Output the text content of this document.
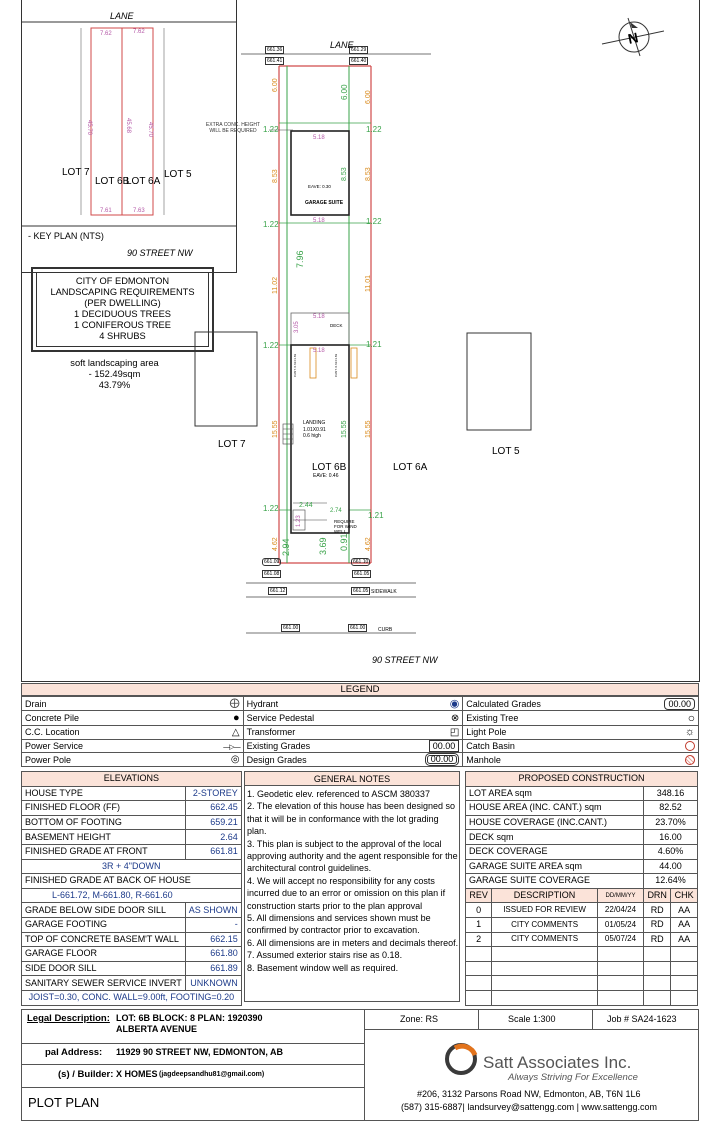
LANE
7.62	7.62
45.70	45.68	45.70
LOT 7
LOT 6B
LOT 6A
LOT 5
7.61	7.63
- KEY PLAN (NTS)
90 STREET NW
N
CITY OF EDMONTON
LANDSCAPING REQUIREMENTS
(PER DWELLING)
1 DECIDUOUS TREES
1 CONIFEROUS TREE
4 SHRUBS
soft landscaping area
- 152.49sqm
43.79%
LANE
90 STREET NW
SIDEWALK
CURB
661.36	661.29
661.41	661.40
661.09	661.10
661.08	661.05
661.12	661.05
661.00	661.00
6.00	6.00 6.00
1.22	1.22
8.53	8.53 8.53
1.22	1.22
11.02	11.01
7.96
1.22	1.21
15.55	15.55 15.55
1.22
1.21
4.62	4.62
3.69
2.94
2.44
2.74
0.91
5.18
5.18
5.18
5.18
3.05
1.23
EXTRA CONC. HEIGHT
WILL BE REQUIRED
EAVE: 0.30
GARAGE SUITE
DECK
LANDING
1.01X0.91
0.6 high
LOT 6B
EAVE: 0.46
REQUIRE
FOR WIND
WELL
CANT. 0.61X1.83	CANT. 0.61X1.83
LOT 7
LOT 6A
LOT 5
LEGEND
Drain	⨁	Hydrant	◉	Calculated Grades	00.00
Concrete Pile	●	Service Pedestal	⊗	Existing Tree	○
C.C. Location	△	Transformer	◰	Light Pole	☼
Power Service	—▷—	Existing Grades	00.00	Catch Basin	
Power Pole	◎	Design Grades	00.00	Manhole	
ELEVATIONS	
HOUSE TYPE	2-STOREY
FINISHED FLOOR (FF)	662.45
BOTTOM OF FOOTING	659.21
BASEMENT HEIGHT	2.64
FINISHED GRADE AT FRONT	661.81
3R + 4"DOWN	
FINISHED GRADE AT BACK OF HOUSE	
L-661.72, M-661.80, R-661.60	
GRADE BELOW SIDE DOOR SILL	AS SHOWN
GARAGE FOOTING	-
TOP OF CONCRETE BASEM'T WALL	662.15
GARAGE FLOOR	661.80
SIDE DOOR SILL	661.89
SANITARY SEWER SERVICE INVERT	UNKNOWN
JOIST=0.30, CONC. WALL=9.00ft, FOOTING=0.20	
GENERAL NOTES

1. Geodetic elev. referenced to ASCM 380337

2. The elevation of this house has been designed so

that it will be in conformance with the lot grading

plan.

3. This plan is subject to the approval of the local

approving authority and the agent responsible for the

architectural control guidelines.

4. We will accept no responsibility for any costs

incurred due to an error or omission on this plan if

construction starts prior to the plan approval

5. All dimensions and services shown must be

confirmed by contractor prior to excavation.

6. All dimensions are in meters and decimals thereof.

7. Assumed exterior stairs rise as 0.18.

8. Basement window well as required.

PROPOSED CONSTRUCTION				
LOT AREA sqm			348.16	
HOUSE AREA (INC. CANT.) sqm			82.52	
HOUSE COVERAGE (INC.CANT.)			23.70%	
DECK sqm			16.00	
DECK COVERAGE			4.60%	
GARAGE SUITE AREA sqm			44.00	
GARAGE SUITE COVERAGE			12.64%	
REV	DESCRIPTION	DD/MM/YY	DRN	CHK
0	ISSUED FOR REVIEW	22/04/24	RD	AA
1	CITY COMMENTS	01/05/24	RD	AA
2	CITY COMMENTS	05/07/24	RD	AA

Legal Description: LOT: 6B BLOCK: 8 PLAN: 1920390
ALBERTA AVENUE
Zone: RS	Scale 1:300	Job # SA24-1623
pal Address: 11929 90 STREET NW, EDMONTON, AB
(s) / Builder: X HOMES (jagdeepsandhu81@gmail.com)
PLOT PLAN
Satt Associates Inc.
Always Striving For Excellence
#206, 3132 Parsons Road NW, Edmonton, AB, T6N 1L6
(587) 315-6887| landsurvey@sattengg.com | www.sattengg.com
